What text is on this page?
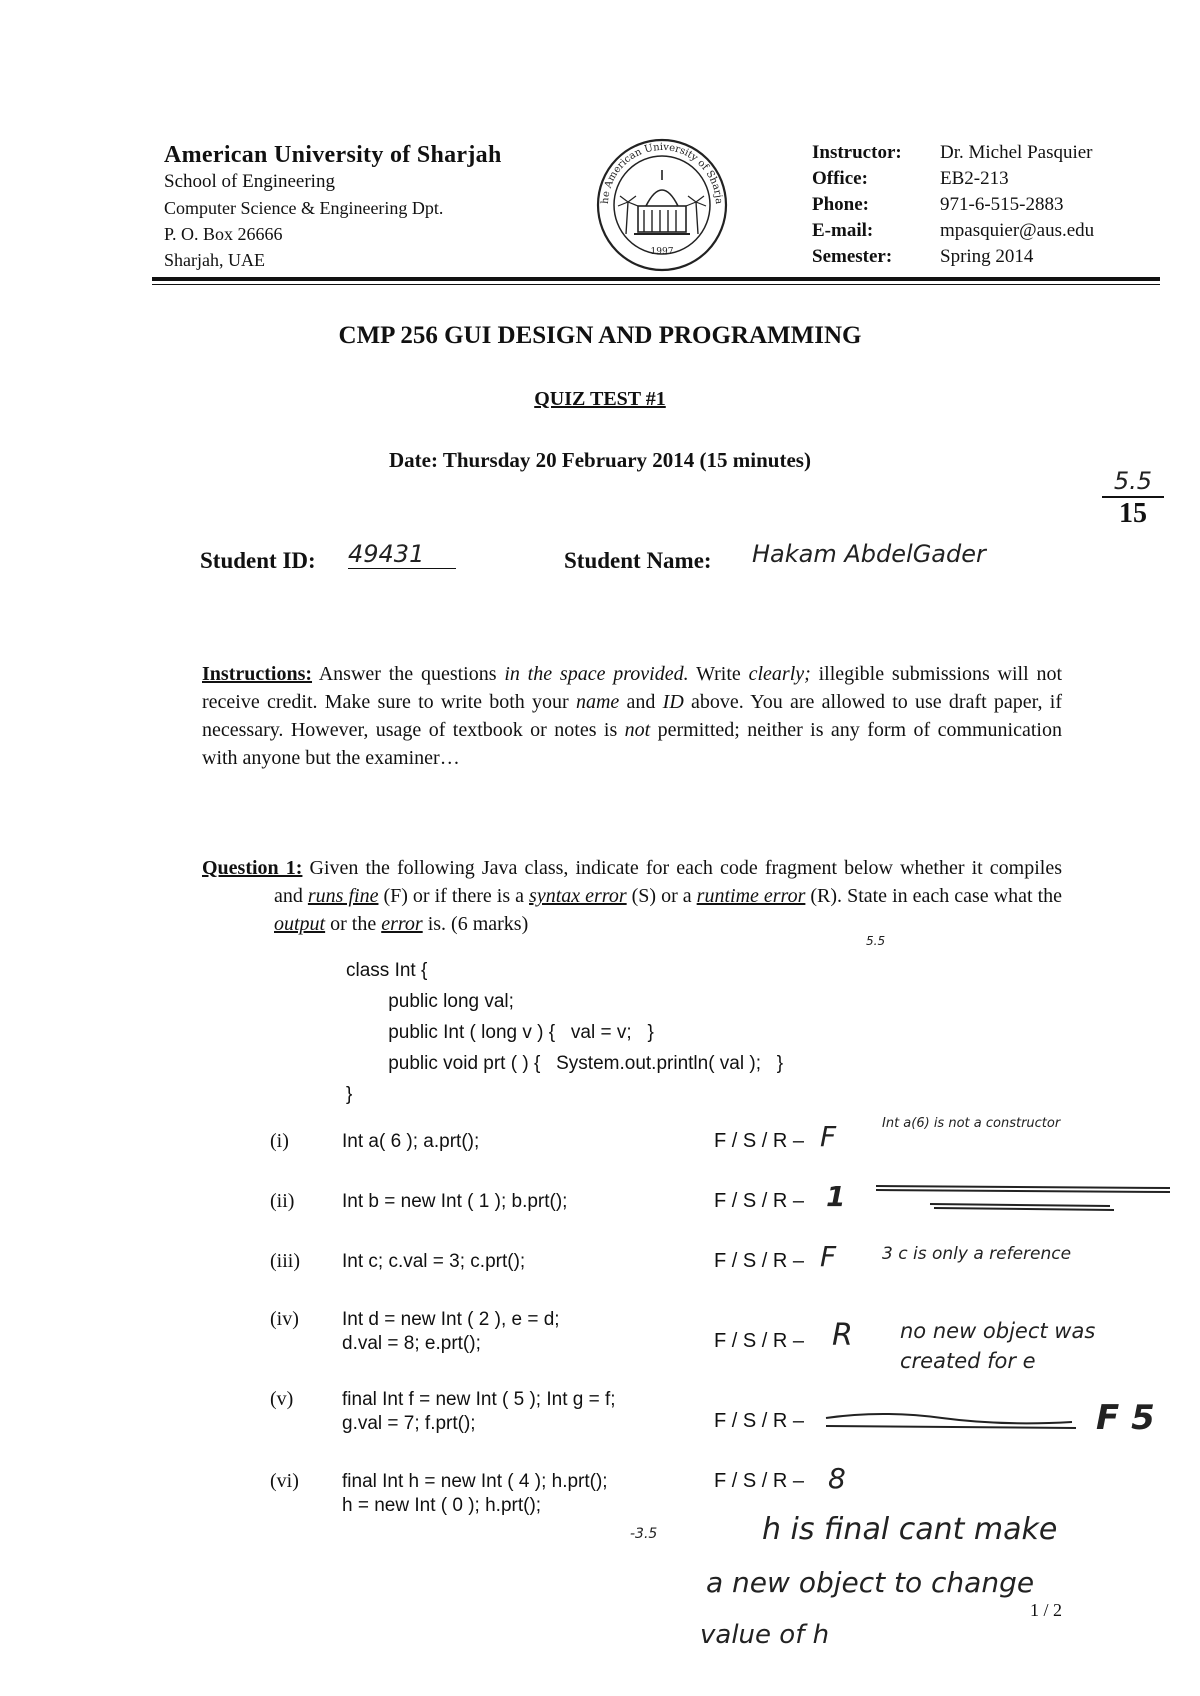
American University of Sharjah
School of Engineering
Computer Science & Engineering Dpt.
P. O. Box 26666
Sharjah, UAE
he American University of Sharja
1997
Instructor: Dr. Michel Pasquier
Office:	EB2-213
Phone:	971-6-515-2883
E-mail:	mpasquier@aus.edu
Semester:	Spring 2014
CMP 256 GUI DESIGN AND PROGRAMMING
QUIZ TEST #1
Date: Thursday 20 February 2014 (15 minutes)
5.5
15
Student ID: 49431	Student Name: Hakam AbdelGader
Instructions: Answer the questions in the space provided. Write clearly; illegible submissions will not receive credit. Make sure to write both your name and ID above. You are allowed to use draft paper, if necessary. However, usage of textbook or notes is not permitted; neither is any form of communication with anyone but the examiner…
Question 1: Given the following Java class, indicate for each code fragment below whether it compiles and runs fine (F) or if there is a syntax error (S) or a runtime error (R). State in each case what the output or the error is. (6 marks)
5.5
class Int {
public long val;
public Int ( long v ) {   val = v;   }
public void prt ( ) {   System.out.println( val );   }
}
(i)	Int a( 6 ); a.prt();	F / S / R – F	Int a(6) is not a constructor
(ii)	Int b = new Int ( 1 ); b.prt();	F / S / R – 1
(iii) Int c; c.val = 3; c.prt();	F / S / R – F	3 c is only a reference
(iv) Int d = new Int ( 2 ), e = d;
d.val = 8; e.prt();	F / S / R – R no new object was created for e
(v)	final Int f = new Int ( 5 ); Int g = f;
g.val = 7; f.prt();	F / S / R –	F 5
(vi) final Int h = new Int ( 4 ); h.prt();
h = new Int ( 0 ); h.prt();
F / S / R – 8
-3.5	h is final cant make
a new object to change
value of h
1 / 2
